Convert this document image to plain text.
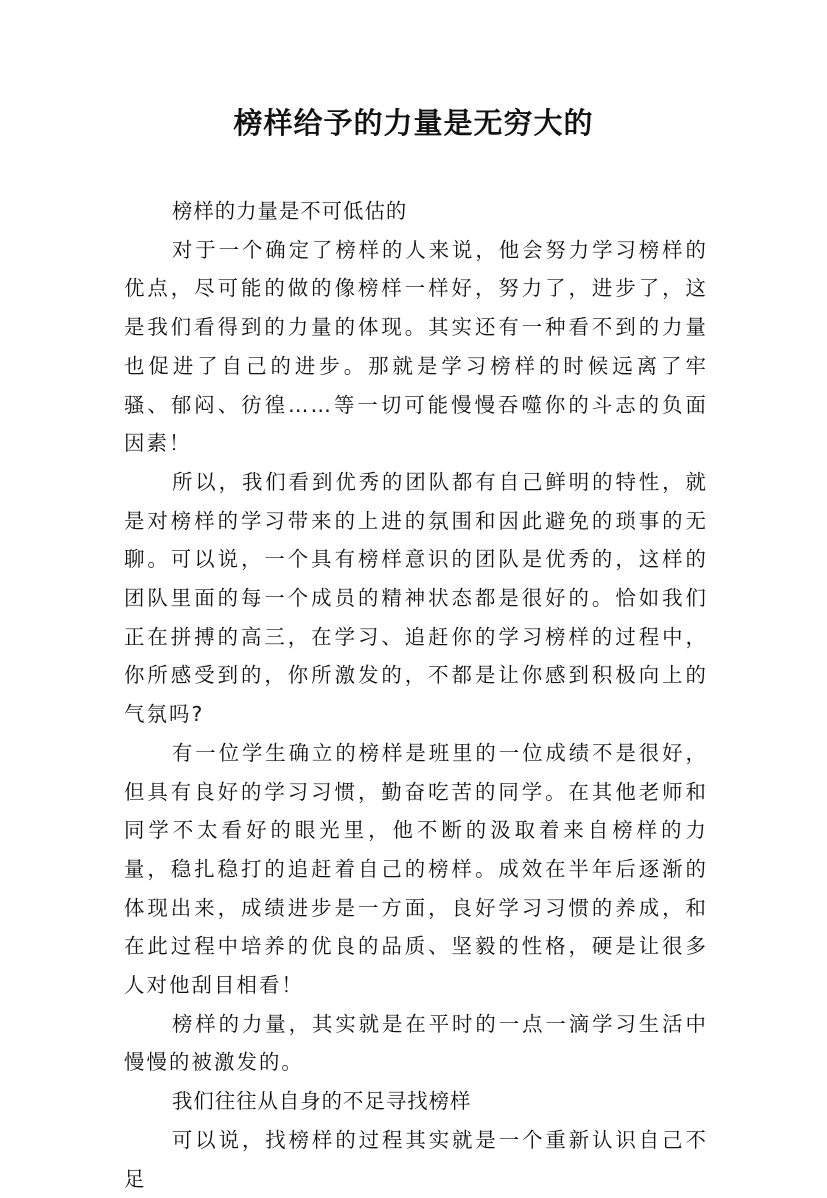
榜样给予的力量是无穷大的

榜样的力量是不可低估的

对于一个确定了榜样的人来说，他会努力学习榜样的优点，尽可能的做的像榜样一样好，努力了，进步了，这是我们看得到的力量的体现。其实还有一种看不到的力量也促进了自己的进步。那就是学习榜样的时候远离了牢骚、郁闷、彷徨……等一切可能慢慢吞噬你的斗志的负面因素！

所以，我们看到优秀的团队都有自己鲜明的特性，就是对榜样的学习带来的上进的氛围和因此避免的琐事的无聊。可以说，一个具有榜样意识的团队是优秀的，这样的团队里面的每一个成员的精神状态都是很好的。恰如我们正在拼搏的高三，在学习、追赶你的学习榜样的过程中，你所感受到的，你所激发的，不都是让你感到积极向上的气氛吗?

有一位学生确立的榜样是班里的一位成绩不是很好，但具有良好的学习习惯，勤奋吃苦的同学。在其他老师和同学不太看好的眼光里，他不断的汲取着来自榜样的力量，稳扎稳打的追赶着自己的榜样。成效在半年后逐渐的体现出来，成绩进步是一方面，良好学习习惯的养成，和在此过程中培养的优良的品质、坚毅的性格，硬是让很多人对他刮目相看！

榜样的力量，其实就是在平时的一点一滴学习生活中慢慢的被激发的。

我们往往从自身的不足寻找榜样

可以说，找榜样的过程其实就是一个重新认识自己不足
